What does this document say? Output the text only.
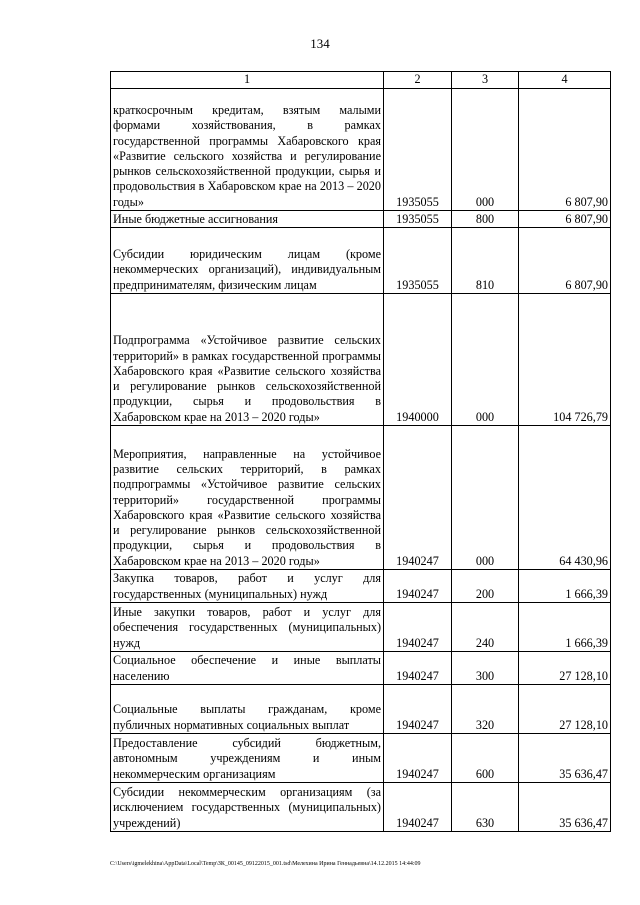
134
1	2	3	4
краткосрочным кредитам, взятым малыми формами хозяйствования, в рамках государственной программы Хабаровского края «Развитие сельского хозяйства и регулирование рынков сельскохозяйственной продукции, сырья и продовольствия в Хабаровском крае на 2013 – 2020 годы»	1935055	000	6 807,90
Иные бюджетные ассигнования	1935055	800	6 807,90
Субсидии юридическим лицам (кроме некоммерческих организаций), индивидуальным предпринимателям, физическим лицам	1935055	810	6 807,90
Подпрограмма «Устойчивое развитие сельских территорий» в рамках государственной программы Хабаровского края «Развитие сельского хозяйства и регулирование рынков сельскохозяйственной продукции, сырья и продовольствия в Хабаровском крае на 2013 – 2020 годы»	1940000	000	104 726,79
Мероприятия, направленные на устойчивое развитие сельских территорий, в рамках подпрограммы «Устойчивое развитие сельских территорий» государственной программы Хабаровского края «Развитие сельского хозяйства и регулирование рынков сельскохозяйственной продукции, сырья и продовольствия в Хабаровском крае на 2013 – 2020 годы»	1940247	000	64 430,96
Закупка товаров, работ и услуг для государственных (муниципальных) нужд	1940247	200	1 666,39
Иные закупки товаров, работ и услуг для обеспечения государственных (муниципальных) нужд	1940247	240	1 666,39
Социальное обеспечение и иные выплаты населению	1940247	300	27 128,10
Социальные выплаты гражданам, кроме публичных нормативных социальных выплат	1940247	320	27 128,10
Предоставление субсидий бюджетным, автономным учреждениям и иным некоммерческим организациям	1940247	600	35 636,47
Субсидии некоммерческим организациям (за исключением государственных (муниципальных) учреждений)	1940247	630	35 636,47
C:\Users\igmelekhina\AppData\Local\Temp\ЗК_00145_09122015_001.tsd\Мелехина Ирина Геннадьевна\14.12.2015 14:44:09
